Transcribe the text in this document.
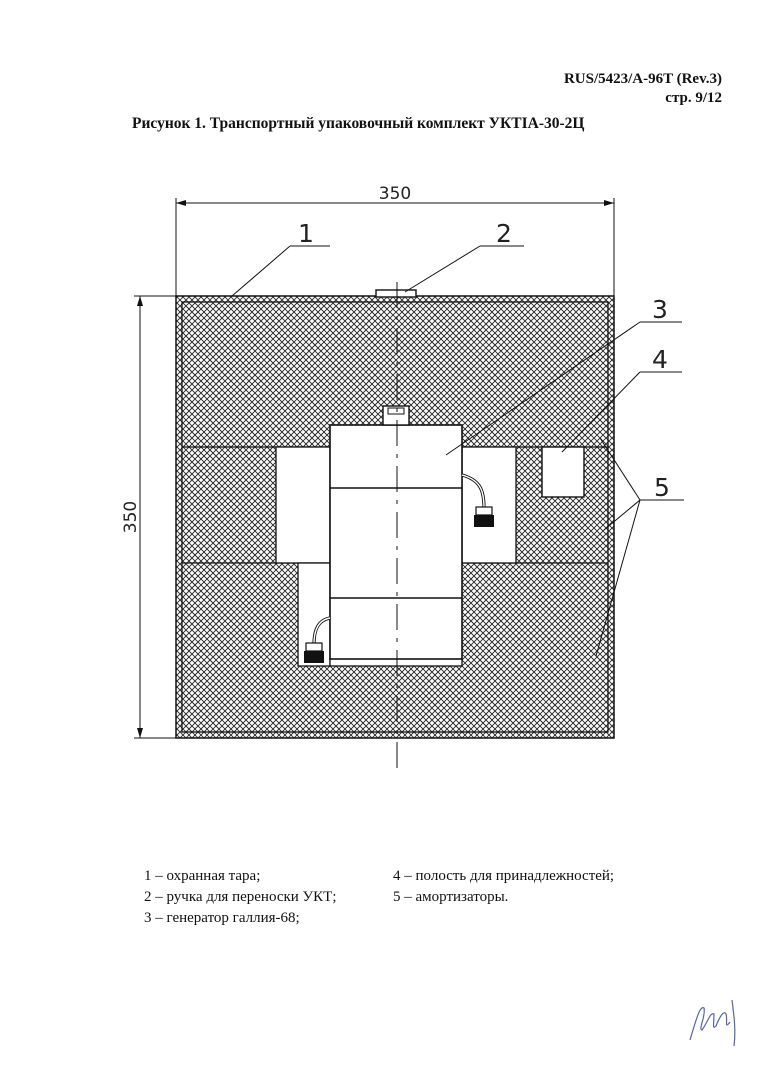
RUS/5423/A-96T (Rev.3)
стр. 9/12
Рисунок 1. Транспортный упаковочный комплект УКТIA-30-2Ц
350
350
1	2
3
4
5
1 – охранная тара;
2 – ручка для переноски УКТ;
3 – генератор галлия-68;
4 – полость для принадлежностей;
5 – амортизаторы.
